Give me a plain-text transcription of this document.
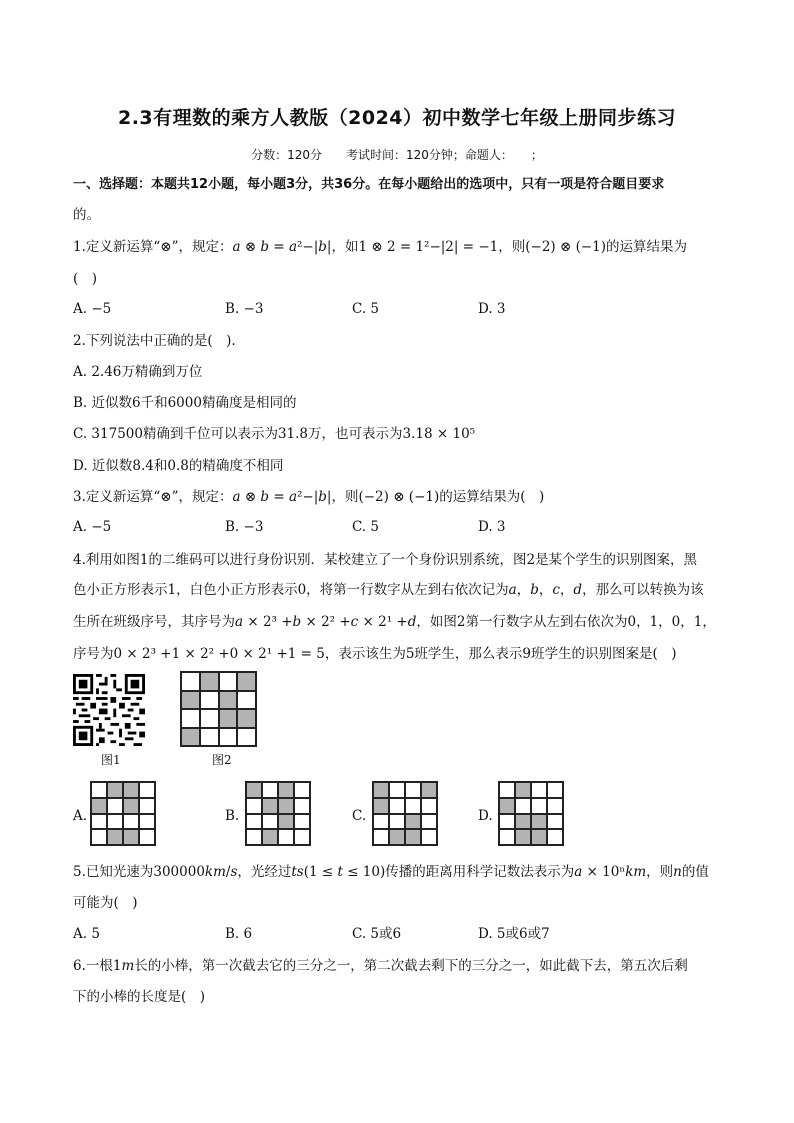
2.3有理数的乘方人教版（2024）初中数学七年级上册同步练习
分数：120分　　考试时间：120分钟；命题人：　　；
一、选择题：本题共12小题，每小题3分，共36分。在每小题给出的选项中，只有一项是符合题目要求
的。
1.定义新运算“⊗”，规定：𝑎 ⊗ 𝑏 = 𝑎²−|𝑏|，如1 ⊗ 2 = 1²−|2| = −1，则(−2) ⊗ (−1)的运算结果为
(　)
A. −5	B. −3	C. 5	D. 3
2.下列说法中正确的是(　).
A. 2.46万精确到万位
B. 近似数6千和6000精确度是相同的
C. 317500精确到千位可以表示为31.8万，也可表示为3.18 × 10⁵
D. 近似数8.4和0.8的精确度不相同
3.定义新运算“⊗”，规定：𝑎 ⊗ 𝑏 = 𝑎²−|𝑏|，则(−2) ⊗ (−1)的运算结果为(　)
A. −5	B. −3	C. 5	D. 3
4.利用如图1的二维码可以进行身份识别．某校建立了一个身份识别系统，图2是某个学生的识别图案，黑
色小正方形表示1，白色小正方形表示0，将第一行数字从左到右依次记为𝑎，𝑏，𝑐，𝑑，那么可以转换为该
生所在班级序号，其序号为𝑎 × 2³ +𝑏 × 2² +𝑐 × 2¹ +𝑑，如图2第一行数字从左到右依次为0，1，0，1，
序号为0 × 2³ +1 × 2² +0 × 2¹ +1 = 5，表示该生为5班学生，那么表示9班学生的识别图案是(　)
图1	图2
A.	B.	C.	D.
5.已知光速为300000𝑘𝑚/𝑠，光经过𝑡𝑠(1 ≤ 𝑡 ≤ 10)传播的距离用科学记数法表示为𝑎 × 10ⁿ𝑘𝑚，则𝑛的值
可能为(　)
A. 5	B. 6	C. 5或6	D. 5或6或7
6.一根1𝑚长的小棒，第一次截去它的三分之一，第二次截去剩下的三分之一，如此截下去，第五次后剩
下的小棒的长度是(　)
